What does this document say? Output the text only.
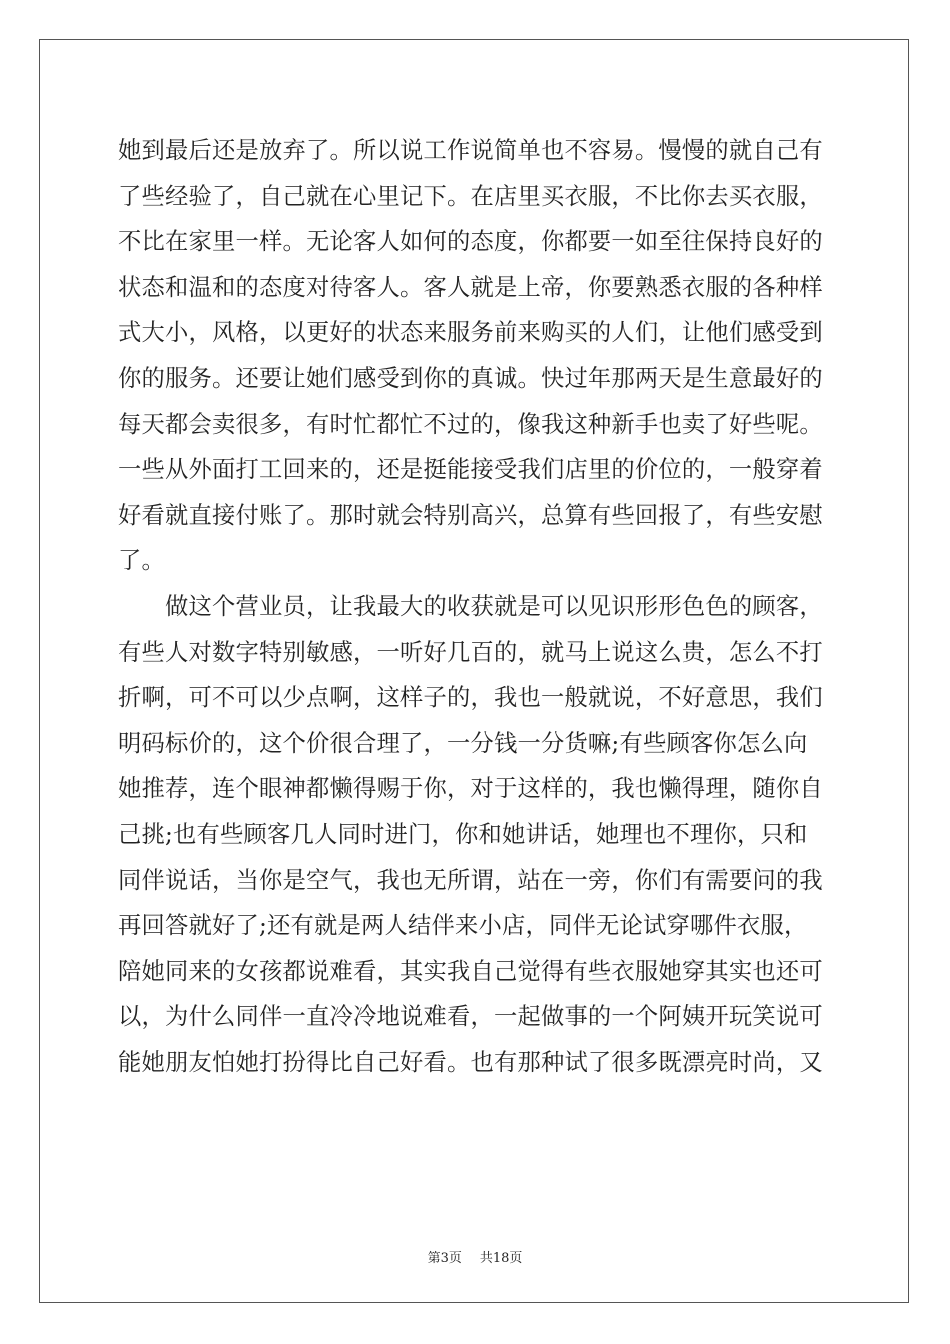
她到最后还是放弃了。所以说工作说简单也不容易。慢慢的就自己有
了些经验了，自己就在心里记下。在店里买衣服，不比你去买衣服，
不比在家里一样。无论客人如何的态度，你都要一如至往保持良好的
状态和温和的态度对待客人。客人就是上帝，你要熟悉衣服的各种样
式大小，风格，以更好的状态来服务前来购买的人们，让他们感受到
你的服务。还要让她们感受到你的真诚。快过年那两天是生意最好的
每天都会卖很多，有时忙都忙不过的，像我这种新手也卖了好些呢。
一些从外面打工回来的，还是挺能接受我们店里的价位的，一般穿着
好看就直接付账了。那时就会特别高兴，总算有些回报了，有些安慰
了。
　　做这个营业员，让我最大的收获就是可以见识形形色色的顾客，
有些人对数字特别敏感，一听好几百的，就马上说这么贵，怎么不打
折啊，可不可以少点啊，这样子的，我也一般就说，不好意思，我们
明码标价的，这个价很合理了，一分钱一分货嘛;有些顾客你怎么向
她推荐，连个眼神都懒得赐于你，对于这样的，我也懒得理，随你自
己挑;也有些顾客几人同时进门，你和她讲话，她理也不理你，只和
同伴说话，当你是空气，我也无所谓，站在一旁，你们有需要问的我
再回答就好了;还有就是两人结伴来小店，同伴无论试穿哪件衣服，
陪她同来的女孩都说难看，其实我自己觉得有些衣服她穿其实也还可
以，为什么同伴一直冷冷地说难看，一起做事的一个阿姨开玩笑说可
能她朋友怕她打扮得比自己好看。也有那种试了很多既漂亮时尚，又
第3页 共18页
